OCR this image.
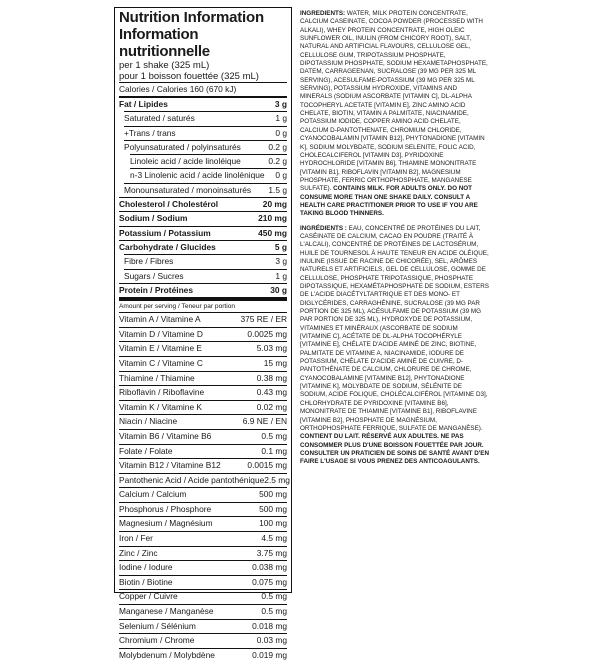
Nutrition Information
Information nutritionnelle
per 1 shake (325 mL)
pour 1 boisson fouettée (325 mL)
Calories / Calories 160 (670 kJ)
Fat / Lipides	3 g
Saturated / saturés	1 g
+Trans / trans	0 g
Polyunsaturated / polyinsaturés	0.2 g
Linoleic acid / acide linoléique	0.2 g
n-3 Linolenic acid / acide linolénique 0 g
Monounsaturated / monoinsaturés 1.5 g
Cholesterol / Cholestérol	20 mg
Sodium / Sodium	210 mg
Potassium / Potassium	450 mg
Carbohydrate / Glucides	5 g
Fibre / Fibres	3 g
Sugars / Sucres	1 g
Protein / Protéines	30 g
Amount per serving / Teneur par portion
Vitamin A / Vitamine A	375 RE / ER
Vitamin D / Vitamine D	0.0025 mg
Vitamin E / Vitamine E	5.03 mg
Vitamin C / Vitamine C	15 mg
Thiamine / Thiamine	0.38 mg
Riboflavin / Riboflavine	0.43 mg
Vitamin K / Vitamine K	0.02 mg
Niacin / Niacine	6.9 NE / EN
Vitamin B6 / Vitamine B6	0.5 mg
Folate / Folate	0.1 mg
Vitamin B12 / Vitamine B12	0.0015 mg
Pantothenic Acid / Acide pantothénique 2.5 mg
Calcium / Calcium	500 mg
Phosphorus / Phosphore	500 mg
Magnesium / Magnésium	100 mg
Iron / Fer	4.5 mg
Zinc / Zinc	3.75 mg
Iodine / Iodure	0.038 mg
Biotin / Biotine	0.075 mg
Copper / Cuivre	0.5 mg
Manganese / Manganèse	0.5 mg
Selenium / Sélénium	0.018 mg
Chromium / Chrome	0.03 mg
Molybdenum / Molybdène	0.019 mg

INGREDIENTS: WATER, MILK PROTEIN CONCENTRATE, CALCIUM CASEINATE, COCOA POWDER (PROCESSED WITH ALKALI), WHEY PROTEIN CONCENTRATE, HIGH OLEIC SUNFLOWER OIL, INULIN (FROM CHICORY ROOT), SALT, NATURAL AND ARTIFICIAL FLAVOURS, CELLULOSE GEL, CELLULOSE GUM, TRIPOTASSIUM PHOSPHATE, DIPOTASSIUM PHOSPHATE, SODIUM HEXAMETAPHOSPHATE, DATEM, CARRAGEENAN, SUCRALOSE (39 MG PER 325 ML SERVING), ACESULFAME-POTASSIUM (39 MG PER 325 ML SERVING), POTASSIUM HYDROXIDE, VITAMINS AND MINERALS (SODIUM ASCORBATE [VITAMIN C], DL-ALPHA TOCOPHERYL ACETATE [VITAMIN E], ZINC AMINO ACID CHELATE, BIOTIN, VITAMIN A PALMITATE, NIACINAMIDE, POTASSIUM IODIDE, COPPER AMINO ACID CHELATE, CALCIUM D-PANTOTHENATE, CHROMIUM CHLORIDE, CYANOCOBALAMIN [VITAMIN B12], PHYTONADIONE [VITAMIN K], SODIUM MOLYBDATE, SODIUM SELENITE, FOLIC ACID, CHOLECALCIFEROL [VITAMIN D3], PYRIDOXINE HYDROCHLORIDE [VITAMIN B6], THIAMINE MONONITRATE [VITAMIN B1], RIBOFLAVIN [VITAMIN B2], MAGNESIUM PHOSPHATE, FERRIC ORTHOPHOSPHATE, MANGANESE SULFATE). CONTAINS MILK. FOR ADULTS ONLY. DO NOT CONSUME MORE THAN ONE SHAKE DAILY. CONSULT A HEALTH CARE PRACTITIONER PRIOR TO USE IF YOU ARE TAKING BLOOD THINNERS.

INGRÉDIENTS : EAU, CONCENTRÉ DE PROTÉINES DU LAIT, CASÉINATE DE CALCIUM, CACAO EN POUDRE (TRAITÉ À L'ALCALI), CONCENTRÉ DE PROTÉINES DE LACTOSÉRUM, HUILE DE TOURNESOL À HAUTE TENEUR EN ACIDE OLÉIQUE, INULINE (ISSUE DE RACINE DE CHICORÉE), SEL, ARÔMES NATURELS ET ARTIFICIELS, GEL DE CELLULOSE, GOMME DE CELLULOSE, PHOSPHATE TRIPOTASSIQUE, PHOSPHATE DIPOTASSIQUE, HEXAMÉTAPHOSPHATE DE SODIUM, ESTERS DE L'ACIDE DIACÉTYLTARTRIQUE ET DES MONO- ET DIGLYCÉRIDES, CARRAGHÉNINE, SUCRALOSE (39 MG PAR PORTION DE 325 ML), ACÉSULFAME DE POTASSIUM (39 MG PAR PORTION DE 325 ML), HYDROXYDE DE POTASSIUM, VITAMINES ET MINÉRAUX (ASCORBATE DE SODIUM [VITAMINE C], ACÉTATE DE DL-ALPHA TOCOPHÉRYLE [VITAMINE E], CHÉLATE D'ACIDE AMINÉ DE ZINC, BIOTINE, PALMITATE DE VITAMINE A, NIACINAMIDE, IODURE DE POTASSIUM, CHÉLATE D'ACIDE AMINÉ DE CUIVRE, D-PANTOTHÉNATE DE CALCIUM, CHLORURE DE CHROME, CYANOCOBALAMINE [VITAMINE B12], PHYTONADIONE [VITAMINE K], MOLYBDATE DE SODIUM, SÉLÉNITE DE SODIUM, ACIDE FOLIQUE, CHOLÉCALCIFÉROL [VITAMINE D3], CHLORHYDRATE DE PYRIDOXINE [VITAMINE B6], MONONITRATE DE THIAMINE [VITAMINE B1], RIBOFLAVINE [VITAMINE B2], PHOSPHATE DE MAGNÉSIUM, ORTHOPHOSPHATE FERRIQUE, SULFATE DE MANGANÈSE). CONTIENT DU LAIT. RÉSERVÉ AUX ADULTES. NE PAS CONSOMMER PLUS D'UNE BOISSON FOUETTÉE PAR JOUR. CONSULTER UN PRATICIEN DE SOINS DE SANTÉ AVANT D'EN FAIRE L'USAGE SI VOUS PRENEZ DES ANTICOAGULANTS.
